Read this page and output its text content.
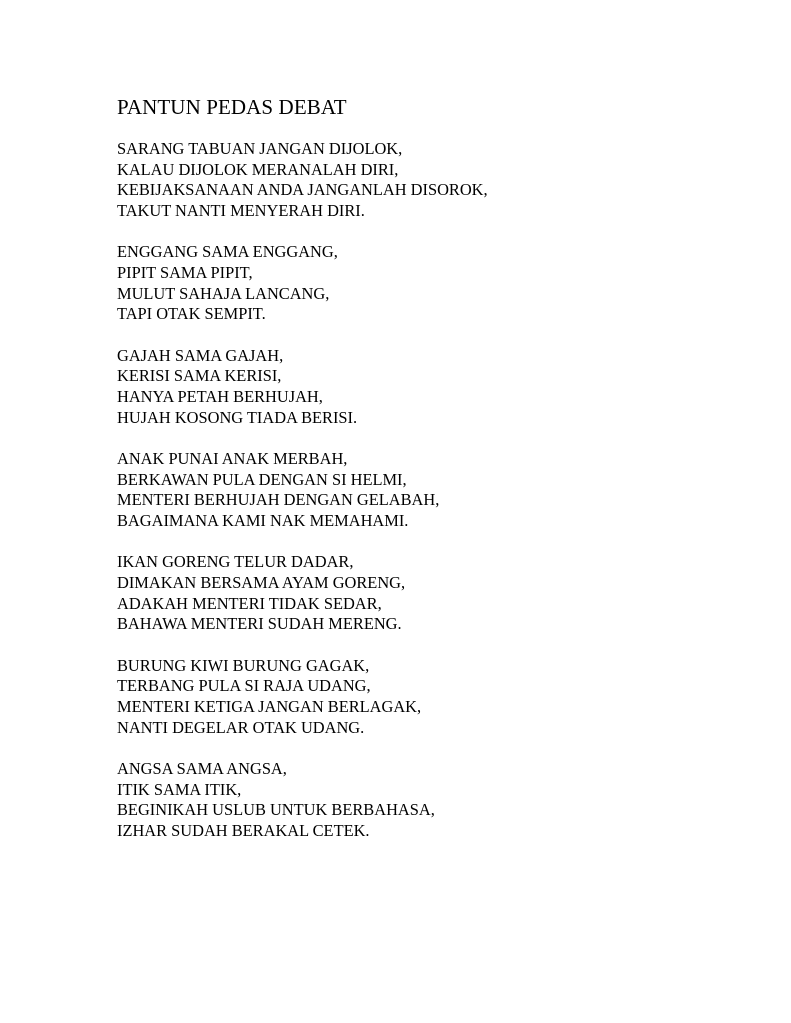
PANTUN PEDAS DEBAT
SARANG TABUAN JANGAN DIJOLOK,
KALAU DIJOLOK MERANALAH DIRI,
KEBIJAKSANAAN ANDA JANGANLAH DISOROK,
TAKUT NANTI MENYERAH DIRI.
ENGGANG SAMA ENGGANG,
PIPIT SAMA PIPIT,
MULUT SAHAJA LANCANG,
TAPI OTAK SEMPIT.
GAJAH SAMA GAJAH,
KERISI SAMA KERISI,
HANYA PETAH BERHUJAH,
HUJAH KOSONG TIADA BERISI.
ANAK PUNAI ANAK MERBAH,
BERKAWAN PULA DENGAN SI HELMI,
MENTERI BERHUJAH DENGAN GELABAH,
BAGAIMANA KAMI NAK MEMAHAMI.
IKAN GORENG TELUR DADAR,
DIMAKAN BERSAMA AYAM GORENG,
ADAKAH MENTERI TIDAK SEDAR,
BAHAWA MENTERI SUDAH MERENG.
BURUNG KIWI BURUNG GAGAK,
TERBANG PULA SI RAJA UDANG,
MENTERI KETIGA JANGAN BERLAGAK,
NANTI DEGELAR OTAK UDANG.
ANGSA SAMA ANGSA,
ITIK SAMA ITIK,
BEGINIKAH USLUB UNTUK BERBAHASA,
IZHAR SUDAH BERAKAL CETEK.
